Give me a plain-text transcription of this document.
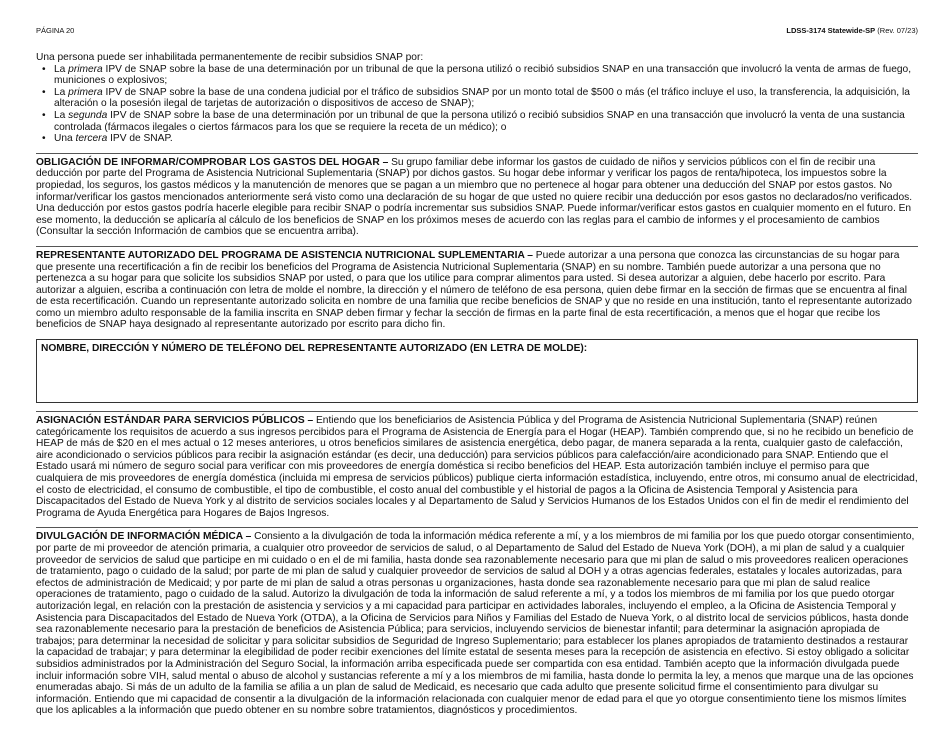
PÁGINA 20	LDSS-3174 Statewide-SP (Rev. 07/23)

Una persona puede ser inhabilitada permanentemente de recibir subsidios SNAP por:

• La primera IPV de SNAP sobre la base de una determinación por un tribunal de que la persona utilizó o recibió subsidios SNAP en una transacción que involucró la venta de armas de fuego, municiones o explosivos;
• La primera IPV de SNAP sobre la base de una condena judicial por el tráfico de subsidios SNAP por un monto total de $500 o más (el tráfico incluye el uso, la transferencia, la adquisición, la alteración o la posesión ilegal de tarjetas de autorización o dispositivos de acceso de SNAP);
• La segunda IPV de SNAP sobre la base de una determinación por un tribunal de que la persona utilizó o recibió subsidios SNAP en una transacción que involucró la venta de una sustancia controlada (fármacos ilegales o ciertos fármacos para los que se requiere la receta de un médico); o
• Una tercera IPV de SNAP.

OBLIGACIÓN DE INFORMAR/COMPROBAR LOS GASTOS DEL HOGAR – Su grupo familiar debe informar los gastos de cuidado de niños y servicios públicos con el fin de recibir una deducción por parte del Programa de Asistencia Nutricional Suplementaria (SNAP) por dichos gastos. Su hogar debe informar y verificar los pagos de renta/hipoteca, los impuestos sobre la propiedad, los seguros, los gastos médicos y la manutención de menores que se pagan a un miembro que no pertenece al hogar para obtener una deducción del SNAP por estos gastos. No informar/verificar los gastos mencionados anteriormente será visto como una declaración de su hogar de que usted no quiere recibir una deducción por esos gastos no declarados/no verificados. Una deducción por estos gastos podría hacerle elegible para recibir SNAP o podría incrementar sus subsidios SNAP. Puede informar/verificar estos gastos en cualquier momento en el futuro. En ese momento, la deducción se aplicaría al cálculo de los beneficios de SNAP en los próximos meses de acuerdo con las reglas para el cambio de informes y el procesamiento de cambios (Consultar la sección Información de cambios que se encuentra arriba).

REPRESENTANTE AUTORIZADO DEL PROGRAMA DE ASISTENCIA NUTRICIONAL SUPLEMENTARIA – Puede autorizar a una persona que conozca las circunstancias de su hogar para que presente una recertificación a fin de recibir los beneficios del Programa de Asistencia Nutricional Suplementaria (SNAP) en su nombre. También puede autorizar a una persona que no pertenezca a su hogar para que solicite los subsidios SNAP por usted, o para que los utilice para comprar alimentos para usted. Si desea autorizar a alguien, debe hacerlo por escrito. Para autorizar a alguien, escriba a continuación con letra de molde el nombre, la dirección y el número de teléfono de esa persona, quien debe firmar en la sección de firmas que se encuentra al final de esta recertificación. Cuando un representante autorizado solicita en nombre de una familia que recibe beneficios de SNAP y que no reside en una institución, tanto el representante autorizado como un miembro adulto responsable de la familia inscrita en SNAP deben firmar y fechar la sección de firmas en la parte final de esta recertificación, a menos que el hogar que recibe los beneficios de SNAP haya designado al representante autorizado por escrito para dicho fin.

NOMBRE, DIRECCIÓN Y NÚMERO DE TELÉFONO DEL REPRESENTANTE AUTORIZADO (EN LETRA DE MOLDE):

ASIGNACIÓN ESTÁNDAR PARA SERVICIOS PÚBLICOS – Entiendo que los beneficiarios de Asistencia Pública y del Programa de Asistencia Nutricional Suplementaria (SNAP) reúnen categóricamente los requisitos de acuerdo a sus ingresos percibidos para el Programa de Asistencia de Energía para el Hogar (HEAP). También comprendo que, si no he recibido un beneficio de HEAP de más de $20 en el mes actual o 12 meses anteriores, u otros beneficios similares de asistencia energética, debo pagar, de manera separada a la renta, cualquier gasto de calefacción, aire acondicionado o servicios públicos para recibir la asignación estándar (es decir, una deducción) para servicios públicos para calefacción/aire acondicionado para SNAP. Entiendo que el Estado usará mi número de seguro social para verificar con mis proveedores de energía doméstica si recibo beneficios del HEAP. Esta autorización también incluye el permiso para que cualquiera de mis proveedores de energía doméstica (incluida mi empresa de servicios públicos) publique cierta información estadística, incluyendo, entre otros, mi consumo anual de electricidad, el costo de electricidad, el consumo de combustible, el tipo de combustible, el costo anual del combustible y el historial de pagos a la Oficina de Asistencia Temporal y Asistencia para Discapacitados del Estado de Nueva York y al distrito de servicios sociales locales y al Departamento de Salud y Servicios Humanos de los Estados Unidos con el fin de medir el rendimiento del Programa de Ayuda Energética para Hogares de Bajos Ingresos.

DIVULGACIÓN DE INFORMACIÓN MÉDICA – Consiento a la divulgación de toda la información médica referente a mí, y a los miembros de mi familia por los que puedo otorgar consentimiento, por parte de mi proveedor de atención primaria, a cualquier otro proveedor de servicios de salud, o al Departamento de Salud del Estado de Nueva York (DOH), a mi plan de salud y a cualquier proveedor de servicios de salud que participe en mi cuidado o en el de mi familia, hasta donde sea razonablemente necesario para que mi plan de salud o mis proveedores realicen operaciones de tratamiento, pago o cuidado de la salud; por parte de mi plan de salud y cualquier proveedor de servicios de salud al DOH y a otras agencias federales, estatales y locales autorizadas, para efectos de administración de Medicaid; y por parte de mi plan de salud a otras personas u organizaciones, hasta donde sea razonablemente necesario para que mi plan de salud realice operaciones de tratamiento, pago o cuidado de la salud. Autorizo la divulgación de toda la información de salud referente a mí, y a todos los miembros de mi familia por los que puedo otorgar autorización legal, en relación con la prestación de asistencia y servicios y a mi capacidad para participar en actividades laborales, incluyendo el empleo, a la Oficina de Asistencia Temporal y Asistencia para Discapacitados del Estado de Nueva York (OTDA), a la Oficina de Servicios para Niños y Familias del Estado de Nueva York, o al distrito local de servicios públicos, hasta donde sea razonablemente necesario para la prestación de beneficios de Asistencia Pública; para servicios, incluyendo servicios de bienestar infantil; para determinar la asignación apropiada de trabajos; para determinar la necesidad de solicitar y para solicitar subsidios de Seguridad de Ingreso Suplementario; para establecer los planes apropiados de tratamiento destinados a restaurar la capacidad de trabajar; y para determinar la elegibilidad de poder recibir exenciones del límite estatal de sesenta meses para la recepción de asistencia en efectivo. Si estoy obligado a solicitar subsidios administrados por la Administración del Seguro Social, la información arriba especificada puede ser compartida con esa entidad. También acepto que la información divulgada puede incluir información sobre VIH, salud mental o abuso de alcohol y sustancias referente a mí y a los miembros de mi familia, hasta donde lo permita la ley, a menos que marque una de las opciones enumeradas abajo. Si más de un adulto de la familia se afilia a un plan de salud de Medicaid, es necesario que cada adulto que presente solicitud firme el consentimiento para divulgar su información. Entiendo que mi capacidad de consentir a la divulgación de la información relacionada con cualquier menor de edad para el que yo otorgue consentimiento tiene los mismos límites que los aplicables a la información que puedo obtener en su nombre sobre tratamientos, diagnósticos y procedimientos.
